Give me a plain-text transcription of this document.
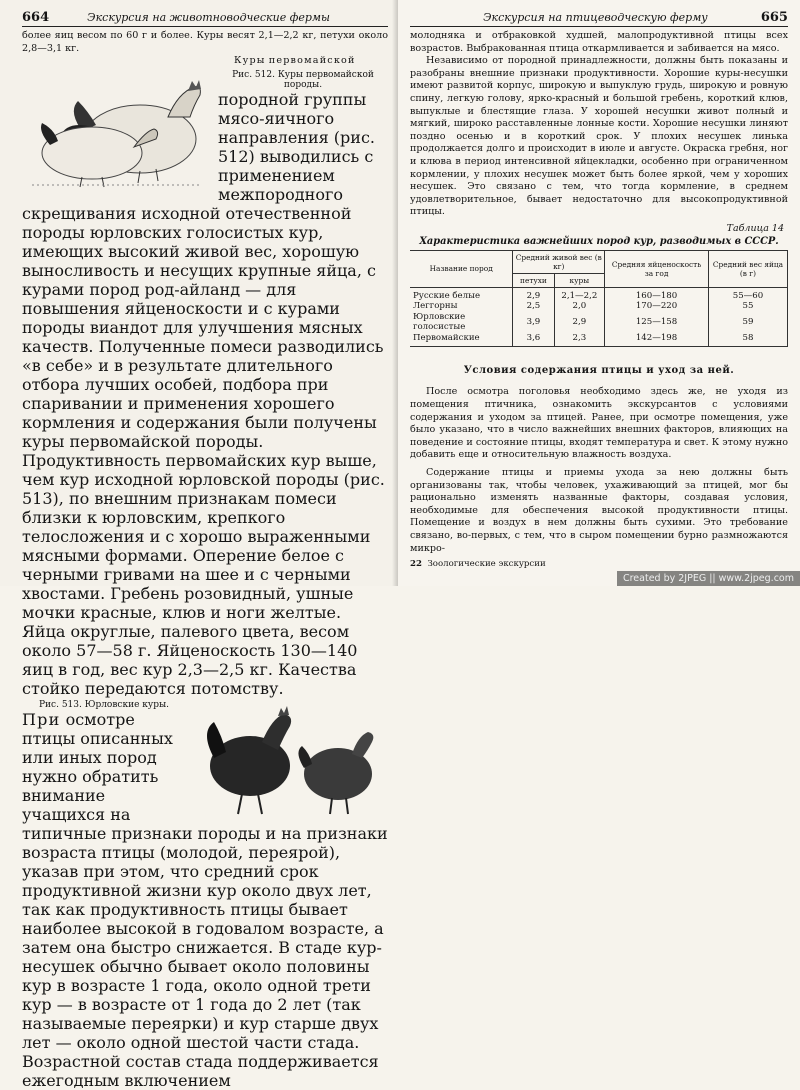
664	Экскурсия на животноводческие фермы

более яиц весом по 60 г и более. Куры весят 2,1—2,2 кг, петухи около 2,8—3,1 кг.

Куры первомайской

Рис. 512. Куры первомайской породы.
породной группы мясо-яичного направления (рис. 512) выводились с применением межпородного скрещивания исходной отечественной породы юрловских голосистых кур, имеющих высокий живой вес, хорошую выносливость и несущих крупные яйца, с курами пород род-айланд — для повышения яйценоскости и с курами породы виандот для улучшения мясных качеств. Полученные помеси разводились «в себе» и в результате длительного отбора лучших особей, подбора при спаривании и применения хорошего кормления и содержания были получены куры первомайской породы. Продуктивность первомайских кур выше, чем кур исходной юрловской породы (рис. 513), по внешним признакам помеси близки к юрловским, крепкого телосложения и с хорошо выраженными мясными формами. Оперение белое с черными гривами на шее и с черными хвостами. Гребень розовидный, ушные мочки красные, клюв и ноги желтые. Яйца округлые, палевого цвета, весом около 57—58 г. Яйценоскость 130—140 яиц в год, вес кур 2,3—2,5 кг. Качества стойко передаются потомству.

Рис. 513. Юрловские куры.
При осмотре птицы описанных или иных пород нужно обратить внимание учащихся на типичные признаки породы и на признаки возраста птицы (молодой, переярой), указав при этом, что средний срок продуктивной жизни кур около двух лет, так как продуктивность птицы бывает наиболее высокой в годовалом возрасте, а затем она быстро снижается. В стаде кур-несушек обычно бывает около половины кур в возрасте 1 года, около одной трети кур — в возрасте от 1 года до 2 лет (так называемые переярки) и кур старше двух лет — около одной шестой части стада. Возрастной состав стада поддерживается ежегодным включением

Экскурсия на птицеводческую ферму	665

молодняка и отбраковкой худшей, малопродуктивной птицы всех возрастов. Выбракованная птица откармливается и забивается на мясо.

Независимо от породной принадлежности, должны быть показаны и разобраны внешние признаки продуктивности. Хорошие куры-несушки имеют развитой корпус, широкую и выпуклую грудь, широкую и ровную спину, легкую голову, ярко-красный и большой гребень, короткий клюв, выпуклые и блестящие глаза. У хорошей несушки живот полный и мягкий, широко расставленные лонные кости. Хорошие несушки линяют поздно осенью и в короткий срок. У плохих несушек линька продолжается долго и происходит в июле и августе. Окраска гребня, ног и клюва в период интенсивной яйцекладки, особенно при ограниченном кормлении, у плохих несушек может быть более яркой, чем у хороших несушек. Это связано с тем, что тогда кормление, в среднем удовлетворительное, бывает недостаточно для высокопродуктивной птицы.

Таблица 14
Характеристика важнейших пород кур, разводимых в СССР.
Название пород	Средний живой вес (в кг)		Средняя яйценоскость за год	Средний вес яйца (в г)
	петухи	куры		
Русские белые	2,9	2,1—2,2	160—180	55—60
Леггорны	2,5	2,0	170—220	55
Юрловские голосистые	3,9	2,9	125—158	59
Первомайские	3,6	2,3	142—198	58
Условия содержания птицы и уход за ней.

После осмотра поголовья необходимо здесь же, не уходя из помещения птичника, ознакомить экскурсантов с условиями содержания и уходом за птицей. Ранее, при осмотре помещения, уже было указано, что в число важнейших внешних факторов, влияющих на поведение и состояние птицы, входят температура и свет. К этому нужно добавить еще и относительную влажность воздуха.

Содержание птицы и приемы ухода за нею должны быть организованы так, чтобы человек, ухаживающий за птицей, мог бы рационально изменять названные факторы, создавая условия, необходимые для обеспечения высокой продуктивности птицы. Помещение и воздух в нем должны быть сухими. Это требование связано, во-первых, с тем, что в сыром помещении бурно размножаются микро-

22 Зоологические экскурсии
Created by 2JPEG || www.2jpeg.com
